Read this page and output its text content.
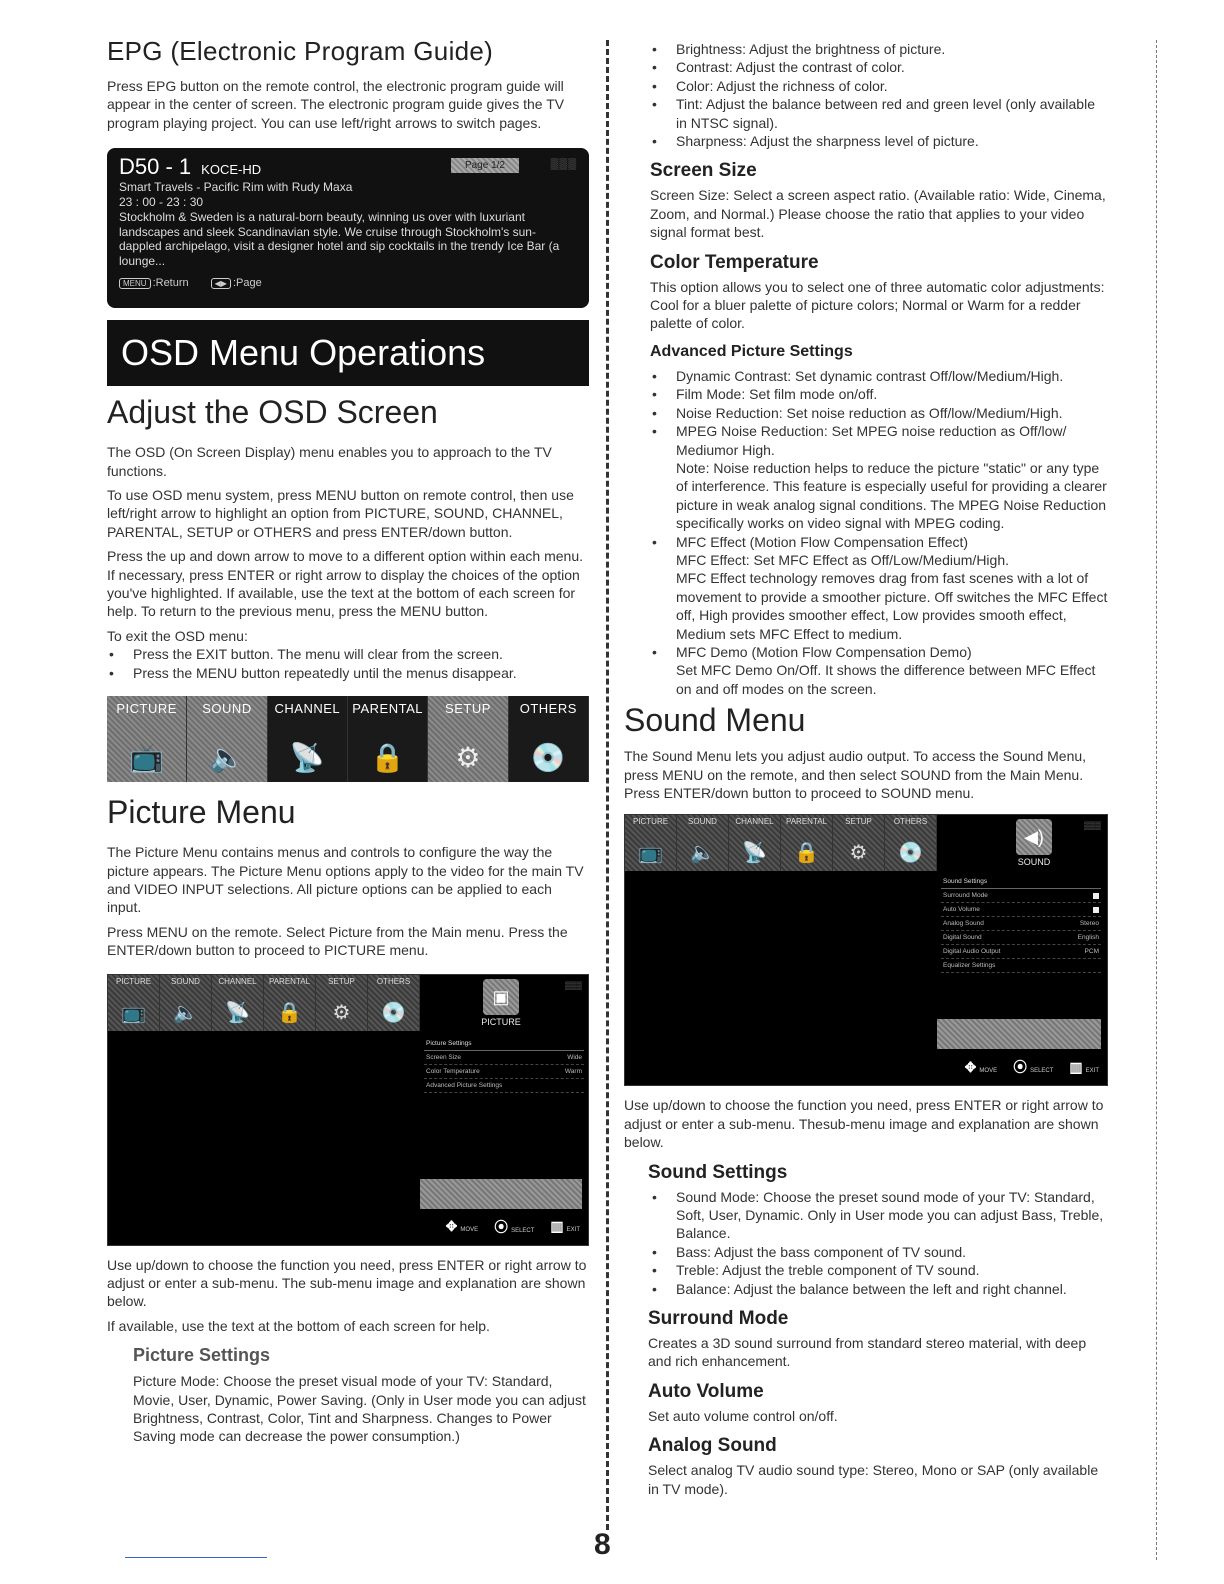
EPG (Electronic Program Guide)

Press EPG button on the remote control, the electronic program guide will appear in the center of screen. The electronic program guide gives the TV program playing project. You can use left/right arrows to switch pages.

D50 - 1 KOCE-HD	Page 1/2	▒▒▒
Smart Travels - Pacific Rim with Rudy Maxa
23 : 00 - 23 : 30
Stockholm & Sweden is a natural-born beauty, winning us over with luxuriant landscapes and sleek Scandinavian style. We cruise through Stockholm's sun-dappled archipelago, visit a designer hotel and sip cocktails in the trendy Ice Bar (a lounge...
MENU :Return	◀▶ :Page
OSD Menu Operations
Adjust the OSD Screen

The OSD (On Screen Display) menu enables you to approach to the TV functions.

To use OSD menu system, press MENU button on remote control, then use left/right arrow to highlight an option from PICTURE, SOUND, CHANNEL, PARENTAL, SETUP or OTHERS and press ENTER/down button.

Press the up and down arrow to move to a different option within each menu. If necessary, press ENTER or right arrow to display the choices of the option you've highlighted. If available, use the text at the bottom of each screen for help. To return to the previous menu, press the MENU button.

To exit the OSD menu:

• Press the EXIT button. The menu will clear from the screen.
• Press the MENU button repeatedly until the menus disappear.
PICTURE
📺
SOUND
🔈
CHANNEL
📡
PARENTAL
🔒
SETUP
⚙
OTHERS
💿
Picture Menu

The Picture Menu contains menus and controls to configure the way the picture appears. The Picture Menu options apply to the video for the main TV and VIDEO INPUT selections. All picture options can be applied to each input.

Press MENU on the remote. Select Picture from the Main menu. Press the ENTER/down button to proceed to PICTURE menu.

PICTURE
📺
SOUND
🔈
CHANNEL
📡
PARENTAL
🔒
SETUP
⚙
OTHERS
💿
▣
PICTURE
▒▒▒
Picture Settings
Screen Size	Wide
Color Temperature	Warm
Advanced Picture Settings
✥ MOVE ⦿ SELECT ▥ EXIT

Use up/down to choose the function you need, press ENTER or right arrow to adjust or enter a sub-menu. The sub-menu image and explanation are shown below.

If available, use the text at the bottom of each screen for help.

Picture Settings

Picture Mode: Choose the preset visual mode of your TV: Standard, Movie, User, Dynamic, Power Saving. (Only in User mode you can adjust Brightness, Contrast, Color, Tint and Sharpness. Changes to Power Saving mode can decrease the power consumption.)

• Brightness: Adjust the brightness of picture.
• Contrast: Adjust the contrast of color.
• Color: Adjust the richness of color.
• Tint: Adjust the balance between red and green level (only available in NTSC signal).
• Sharpness: Adjust the sharpness level of picture.
Screen Size

Screen Size: Select a screen aspect ratio. (Available ratio: Wide, Cinema, Zoom, and Normal.) Please choose the ratio that applies to your video signal format best.

Color Temperature

This option allows you to select one of three automatic color adjustments: Cool for a bluer palette of picture colors; Normal or Warm for a redder palette of color.

Advanced Picture Settings
• Dynamic Contrast: Set dynamic contrast Off/low/Medium/High.
• Film Mode: Set film mode on/off.
• Noise Reduction: Set noise reduction as Off/low/Medium/High.
• MPEG Noise Reduction: Set MPEG noise reduction as Off/low/ Mediumor High.
Note: Noise reduction helps to reduce the picture "static" or any type of interference. This feature is especially useful for providing a clearer picture in weak analog signal conditions. The MPEG Noise Reduction specifically works on video signal with MPEG coding.
• MFC Effect (Motion Flow Compensation Effect)
MFC Effect: Set MFC Effect as Off/Low/Medium/High.
MFC Effect technology removes drag from fast scenes with a lot of movement to provide a smoother picture. Off switches the MFC Effect off, High provides smoother effect, Low provides smooth effect, Medium sets MFC Effect to medium.
• MFC Demo (Motion Flow Compensation Demo)
Set MFC Demo On/Off. It shows the difference between MFC Effect on and off modes on the screen.
Sound Menu

The Sound Menu lets you adjust audio output. To access the Sound Menu, press MENU on the remote, and then select SOUND from the Main Menu. Press ENTER/down button to proceed to SOUND menu.

PICTURE
📺
SOUND
🔈
CHANNEL
📡
PARENTAL
🔒
SETUP
⚙
OTHERS
💿
◀)
SOUND
▒▒▒
Sound Settings
Surround Mode
Auto Volume
Analog Sound	Stereo
Digital Sound	English
Digital Audio Output	PCM
Equalizer Settings
✥ MOVE ⦿ SELECT ▥ EXIT

Use up/down to choose the function you need, press ENTER or right arrow to adjust or enter a sub-menu. Thesub-menu image and explanation are shown below.

Sound Settings
• Sound Mode: Choose the preset sound mode of your TV: Standard, Soft, User, Dynamic. Only in User mode you can adjust Bass, Treble, Balance.
• Bass: Adjust the bass component of TV sound.
• Treble: Adjust the treble component of TV sound.
• Balance: Adjust the balance between the left and right channel.
Surround Mode

Creates a 3D sound surround from standard stereo material, with deep and rich enhancement.

Auto Volume

Set auto volume control on/off.

Analog Sound

Select analog TV audio sound type: Stereo, Mono or SAP (only available in TV mode).

8
